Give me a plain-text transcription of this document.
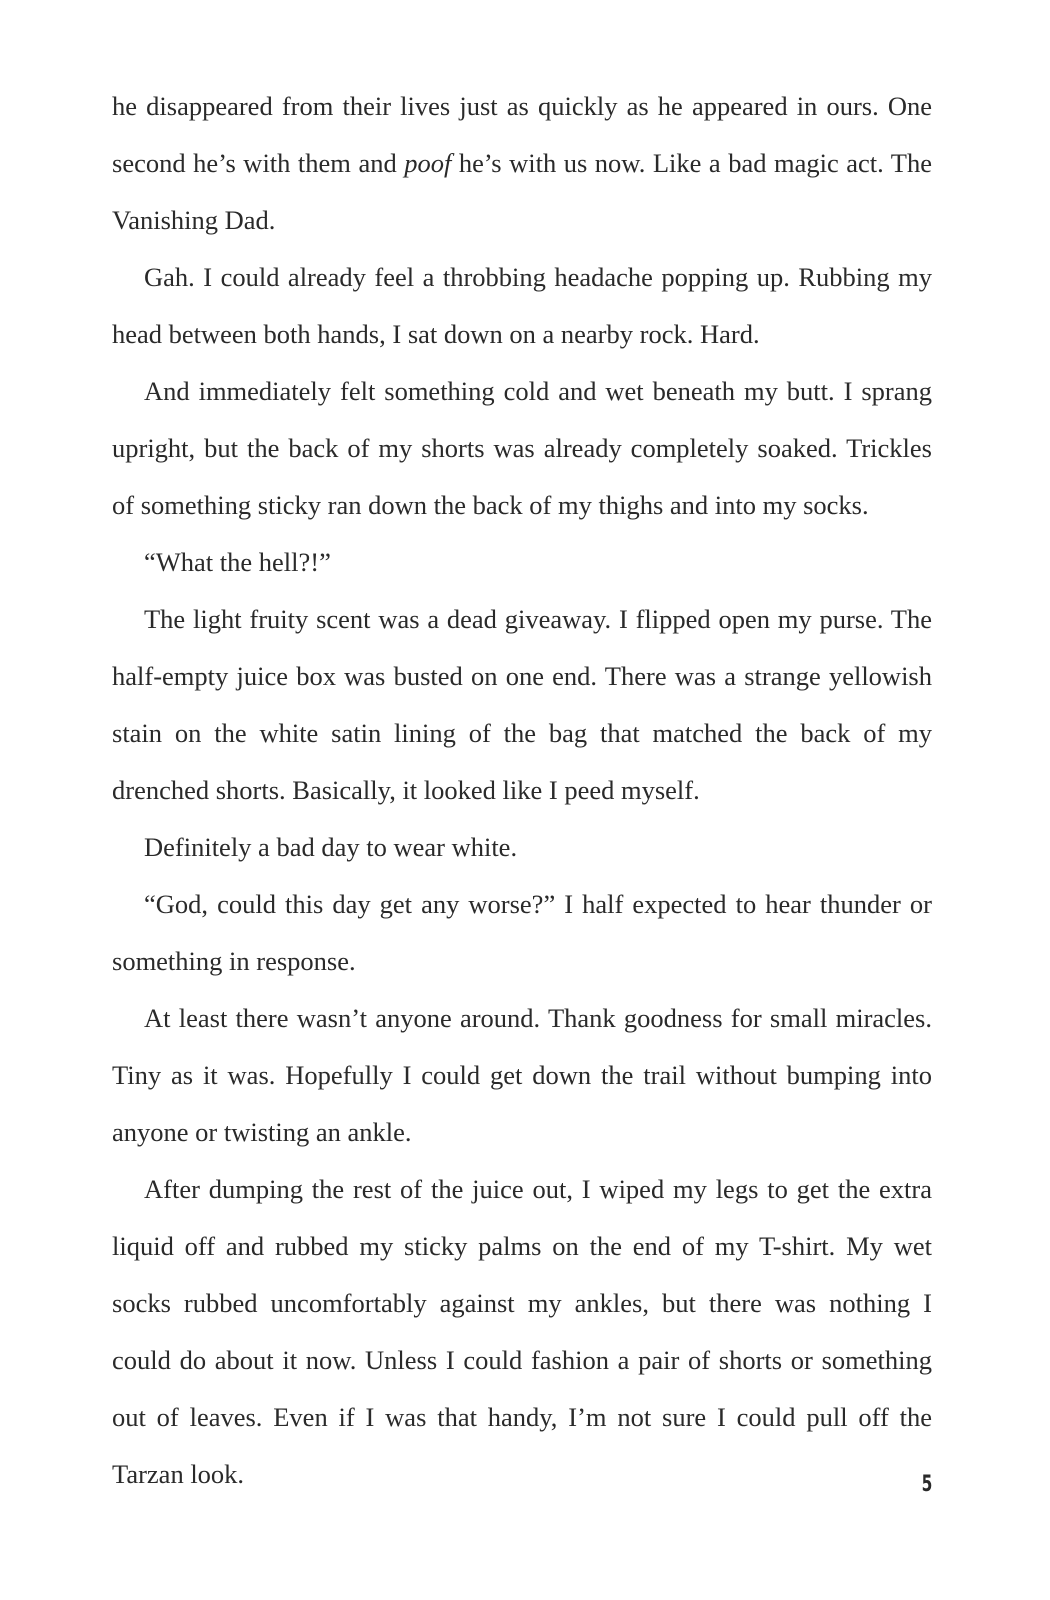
he disappeared from their lives just as quickly as he appeared in ours. One second he’s with them and poof he’s with us now. Like a bad magic act. The Vanishing Dad.

Gah. I could already feel a throbbing headache popping up. Rubbing my head between both hands, I sat down on a nearby rock. Hard.

And immediately felt something cold and wet beneath my butt. I sprang upright, but the back of my shorts was already completely soaked. Trickles of something sticky ran down the back of my thighs and into my socks.

“What the hell?!”

The light fruity scent was a dead giveaway. I flipped open my purse. The half-empty juice box was busted on one end. There was a strange yellowish stain on the white satin lining of the bag that matched the back of my drenched shorts. Basically, it looked like I peed myself.

Definitely a bad day to wear white.

“God, could this day get any worse?” I half expected to hear thunder or something in response.

At least there wasn’t anyone around. Thank goodness for small miracles. Tiny as it was. Hopefully I could get down the trail without bumping into anyone or twisting an ankle.

After dumping the rest of the juice out, I wiped my legs to get the extra liquid off and rubbed my sticky palms on the end of my T-shirt. My wet socks rubbed uncomfortably against my ankles, but there was nothing I could do about it now. Unless I could fashion a pair of shorts or something out of leaves. Even if I was that handy, I’m not sure I could pull off the Tarzan look.	5
